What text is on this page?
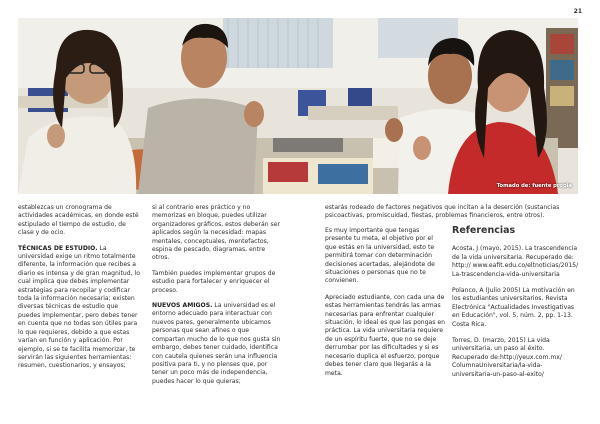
21
Tomado de: fuente propia

establezcas un cronograma de actividades académicas, en donde esté estipulado el tiempo de estudio, de clase y de ocio.

TÉCNICAS DE ESTUDIO. La universidad exige un ritmo totalmente diferente, la información que recibes a diario es intensa y de gran magnitud, lo cual implica que debes implementar estrategias para recopilar y codificar toda la información necesaria; existen diversas técnicas de estudio que puedes implementar, pero debes tener en cuenta que no todas son útiles para lo que requieres, debido a que estas varían en función y aplicación. Por ejemplo, si se te facilita memorizar, te servirán las siguientes herramientas: resumen, cuestionarios, y ensayos;

si al contrario eres práctico y no memorizas en bloque, puedes utilizar organizadores gráficos, estos deberán ser aplicados según la necesidad: mapas mentales, conceptuales, mentefactos, espina de pescado, diagramas, entre otros.

También puedes implementar grupos de estudio para fortalecer y enriquecer el proceso.

NUEVOS AMIGOS. La universidad es el entorno adecuado para interactuar con nuevos pares, generalmente ubicamos personas que sean afines o que compartan mucho de lo que nos gusta sin embargo, debes tener cuidado, identifica con cautela quienes serán una influencia positiva para ti, y no plenses que, por tener un poco más de independencia, puedes hacer lo que quieras;

estarás rodeado de factores negativos que incitan a la deserción (sustancias psicoactivas, promiscuidad, fiestas, problemas financieros, entre otros).

Es muy importante que tengas presente tu meta, el objetivo por el que estás en la universidad, esto te permitirá tomar con determinación decisiones acertadas, alejándote de situaciones o personas que no te convienen.

Apreciado estudiante, con cada una de estas herramientas tendrás las armas necesarias para enfrentar cualquier situación, lo ideal es que las pongas en práctica. La vida universitaria requiere de un espíritu fuerte, que no se deje derrumbar por las dificultades y si es necesario duplica el esfuerzo, porque debes tener claro que llegarás a la meta.

Referencias

Acosta, J (mayo, 2015). La trascendencia de la vida universitaria. Recuperado de: http:// www.eafit.edu.co/eltnoticias/2015/ La-trascendencia-vida-universitaria

Polanco, A (Julio 2005) La motivación en los estudiantes universitarios. Revista Electrónica "Actualidades Investigativas en Educación", vol. 5, núm. 2, pp. 1-13. Costa Rica.

Torres, D. (marzo, 2015) La vida universitaria, un paso al éxito. Recuperado de:http://yeux.com.mx/ ColumnaUniversitaria/la-vida-universitaria-un-paso-al-exito/
